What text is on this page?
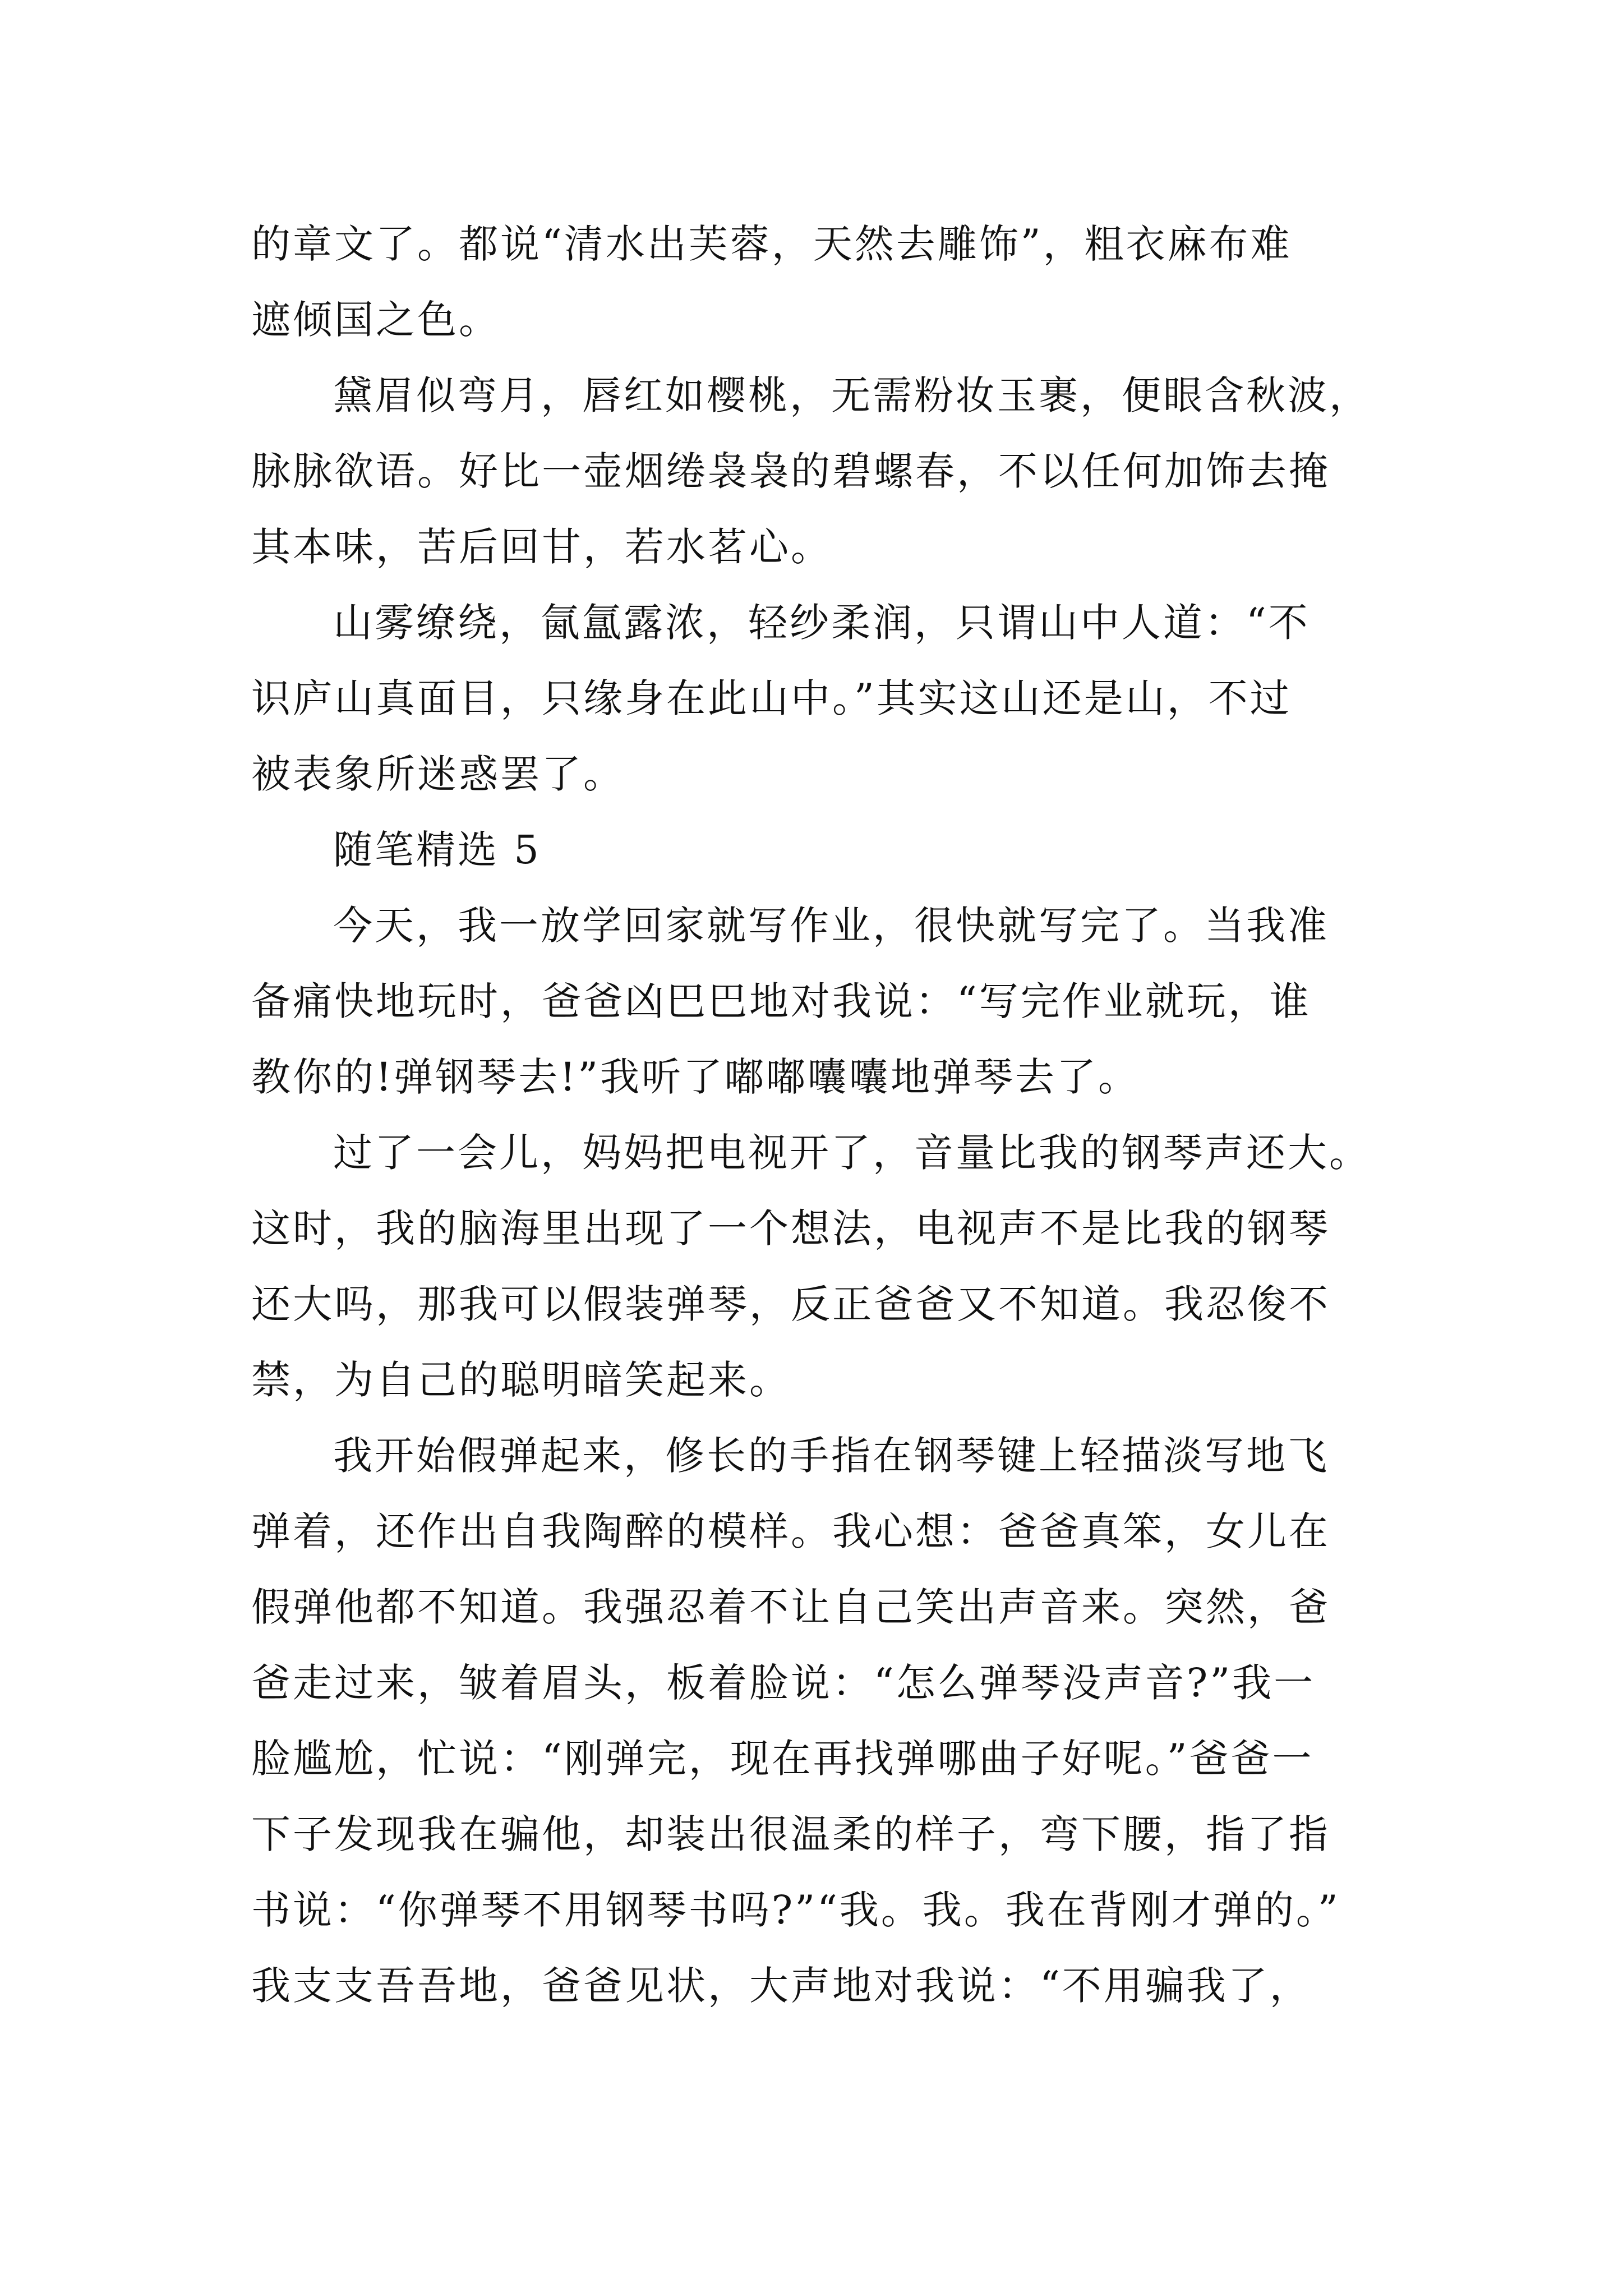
的章文了。都说“清水出芙蓉，天然去雕饰”，粗衣麻布难
遮倾国之色。
黛眉似弯月，唇红如樱桃，无需粉妆玉裹，便眼含秋波，
脉脉欲语。好比一壶烟绻袅袅的碧螺春，不以任何加饰去掩
其本味，苦后回甘，若水茗心。
山雾缭绕，氤氲露浓，轻纱柔润，只谓山中人道：“不
识庐山真面目，只缘身在此山中。”其实这山还是山，不过
被表象所迷惑罢了。
随笔精选 5
今天，我一放学回家就写作业，很快就写完了。当我准
备痛快地玩时，爸爸凶巴巴地对我说：“写完作业就玩，谁
教你的!弹钢琴去!”我听了嘟嘟囔囔地弹琴去了。
过了一会儿，妈妈把电视开了，音量比我的钢琴声还大。
这时，我的脑海里出现了一个想法，电视声不是比我的钢琴
还大吗，那我可以假装弹琴，反正爸爸又不知道。我忍俊不
禁，为自己的聪明暗笑起来。
我开始假弹起来，修长的手指在钢琴键上轻描淡写地飞
弹着，还作出自我陶醉的模样。我心想：爸爸真笨，女儿在
假弹他都不知道。我强忍着不让自己笑出声音来。突然，爸
爸走过来，皱着眉头，板着脸说：“怎么弹琴没声音?”我一
脸尴尬，忙说：“刚弹完，现在再找弹哪曲子好呢。”爸爸一
下子发现我在骗他，却装出很温柔的样子，弯下腰，指了指
书说：“你弹琴不用钢琴书吗?”“我。我。我在背刚才弹的。”
我支支吾吾地，爸爸见状，大声地对我说：“不用骗我了，
